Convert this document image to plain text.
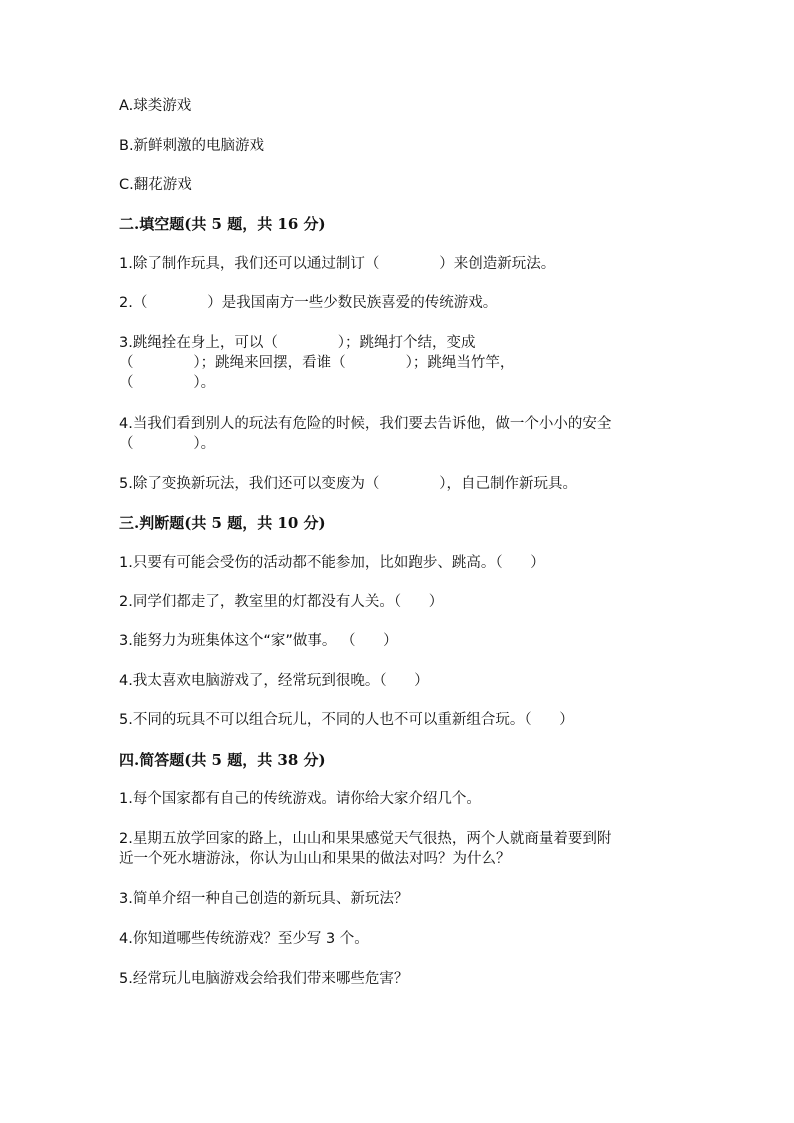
A.球类游戏

B.新鲜刺激的电脑游戏

C.翻花游戏

二.填空题(共 5 题，共 16 分)

1.除了制作玩具，我们还可以通过制订（             ）来创造新玩法。

2.（             ）是我国南方一些少数民族喜爱的传统游戏。

3.跳绳拴在身上，可以（             ）；跳绳打个结，变成

（             ）；跳绳来回摆，看谁（             ）；跳绳当竹竿，

（             ）。

4.当我们看到别人的玩法有危险的时候，我们要去告诉他，做一个小小的安全

（             ）。

5.除了变换新玩法，我们还可以变废为（             ），自己制作新玩具。

三.判断题(共 5 题，共 10 分)

1.只要有可能会受伤的活动都不能参加，比如跑步、跳高。（      ）

2.同学们都走了，教室里的灯都没有人关。（      ）

3.能努力为班集体这个“家”做事。 （      ）

4.我太喜欢电脑游戏了，经常玩到很晚。（      ）

5.不同的玩具不可以组合玩儿，不同的人也不可以重新组合玩。（      ）

四.简答题(共 5 题，共 38 分)

1.每个国家都有自己的传统游戏。请你给大家介绍几个。

2.星期五放学回家的路上，山山和果果感觉天气很热，两个人就商量着要到附

近一个死水塘游泳，你认为山山和果果的做法对吗？为什么？

3.简单介绍一种自己创造的新玩具、新玩法？

4.你知道哪些传统游戏？至少写 3 个。

5.经常玩儿电脑游戏会给我们带来哪些危害？
